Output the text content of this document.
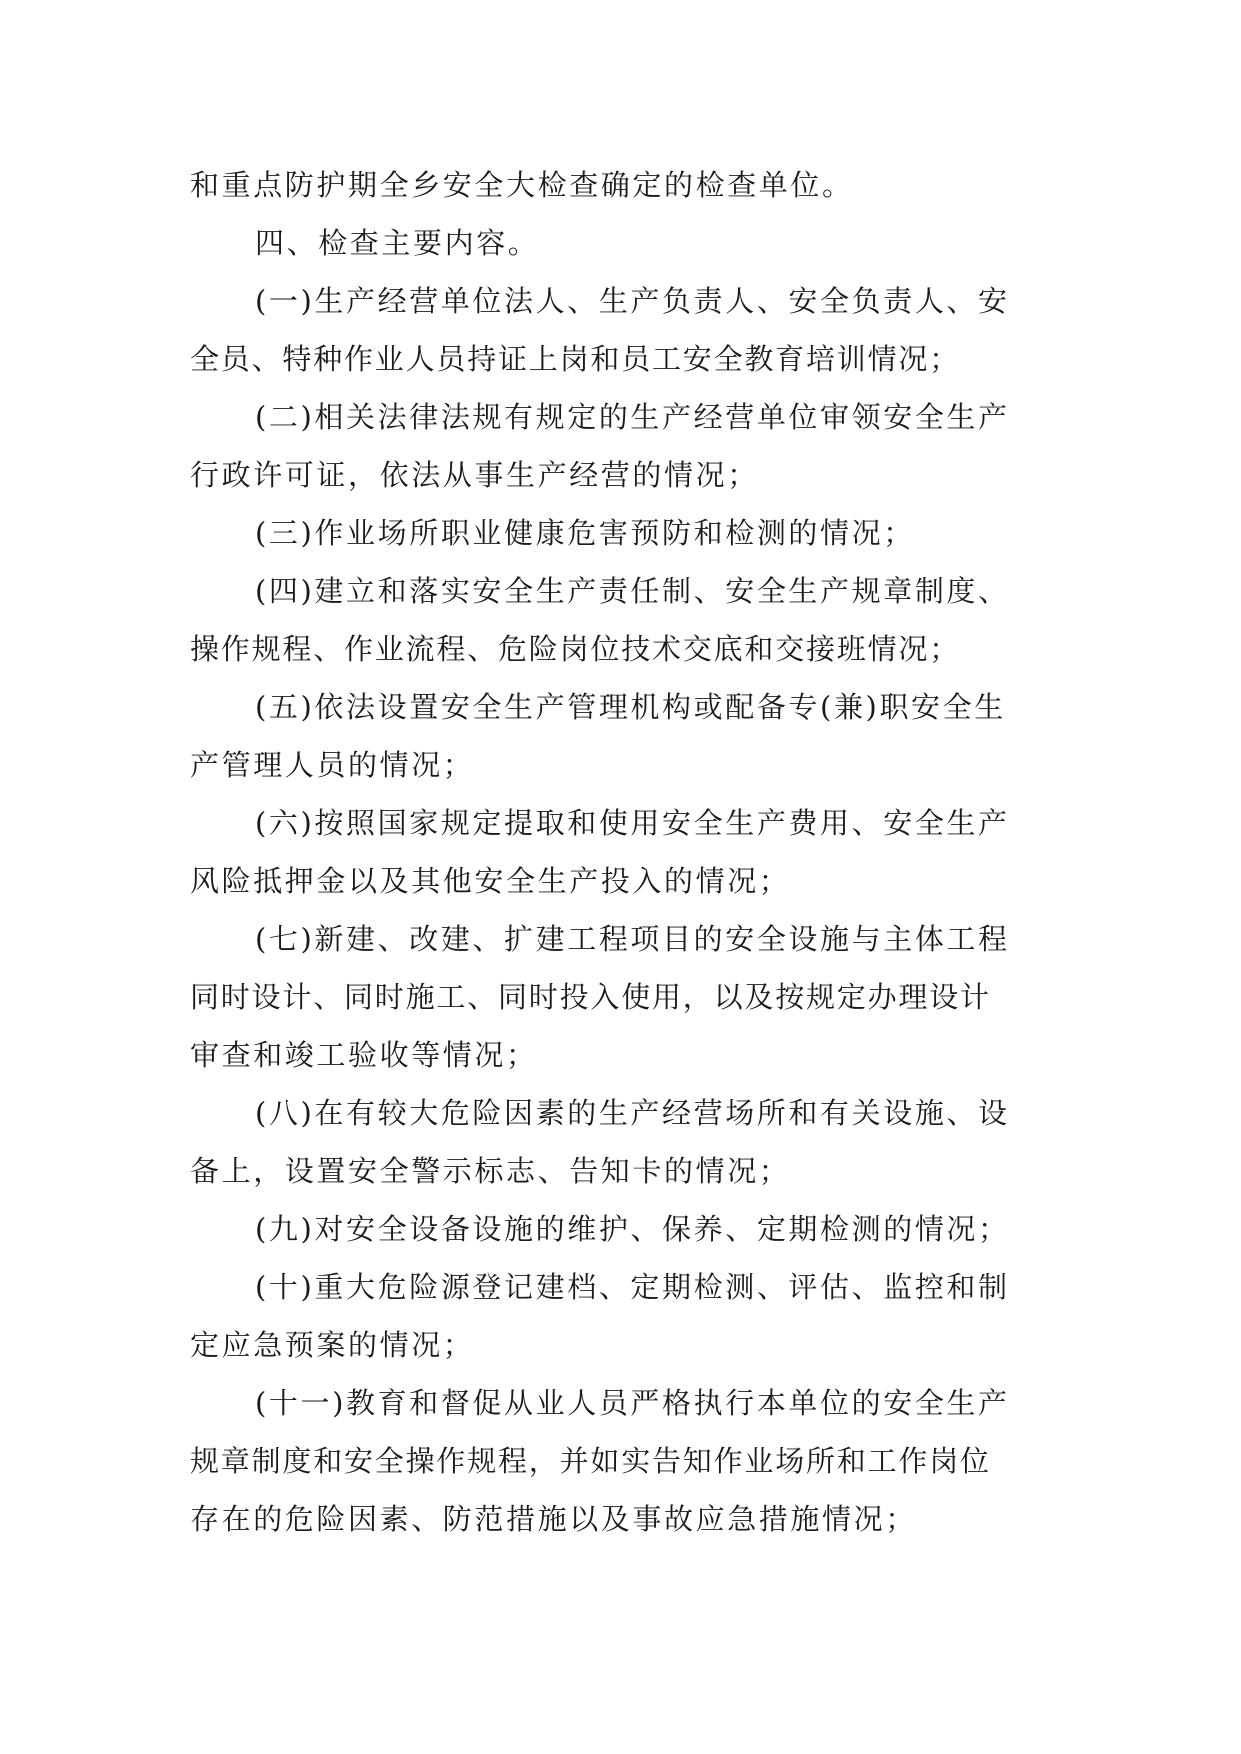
和重点防护期全乡安全大检查确定的检查单位。
四、检查主要内容。
(一)生产经营单位法人、生产负责人、安全负责人、安
全员、特种作业人员持证上岗和员工安全教育培训情况；
(二)相关法律法规有规定的生产经营单位审领安全生产
行政许可证，依法从事生产经营的情况；
(三)作业场所职业健康危害预防和检测的情况；
(四)建立和落实安全生产责任制、安全生产规章制度、
操作规程、作业流程、危险岗位技术交底和交接班情况；
(五)依法设置安全生产管理机构或配备专(兼)职安全生
产管理人员的情况；
(六)按照国家规定提取和使用安全生产费用、安全生产
风险抵押金以及其他安全生产投入的情况；
(七)新建、改建、扩建工程项目的安全设施与主体工程
同时设计、同时施工、同时投入使用，以及按规定办理设计
审查和竣工验收等情况；
(八)在有较大危险因素的生产经营场所和有关设施、设
备上，设置安全警示标志、告知卡的情况；
(九)对安全设备设施的维护、保养、定期检测的情况；
(十)重大危险源登记建档、定期检测、评估、监控和制
定应急预案的情况；
(十一)教育和督促从业人员严格执行本单位的安全生产
规章制度和安全操作规程，并如实告知作业场所和工作岗位
存在的危险因素、防范措施以及事故应急措施情况；
